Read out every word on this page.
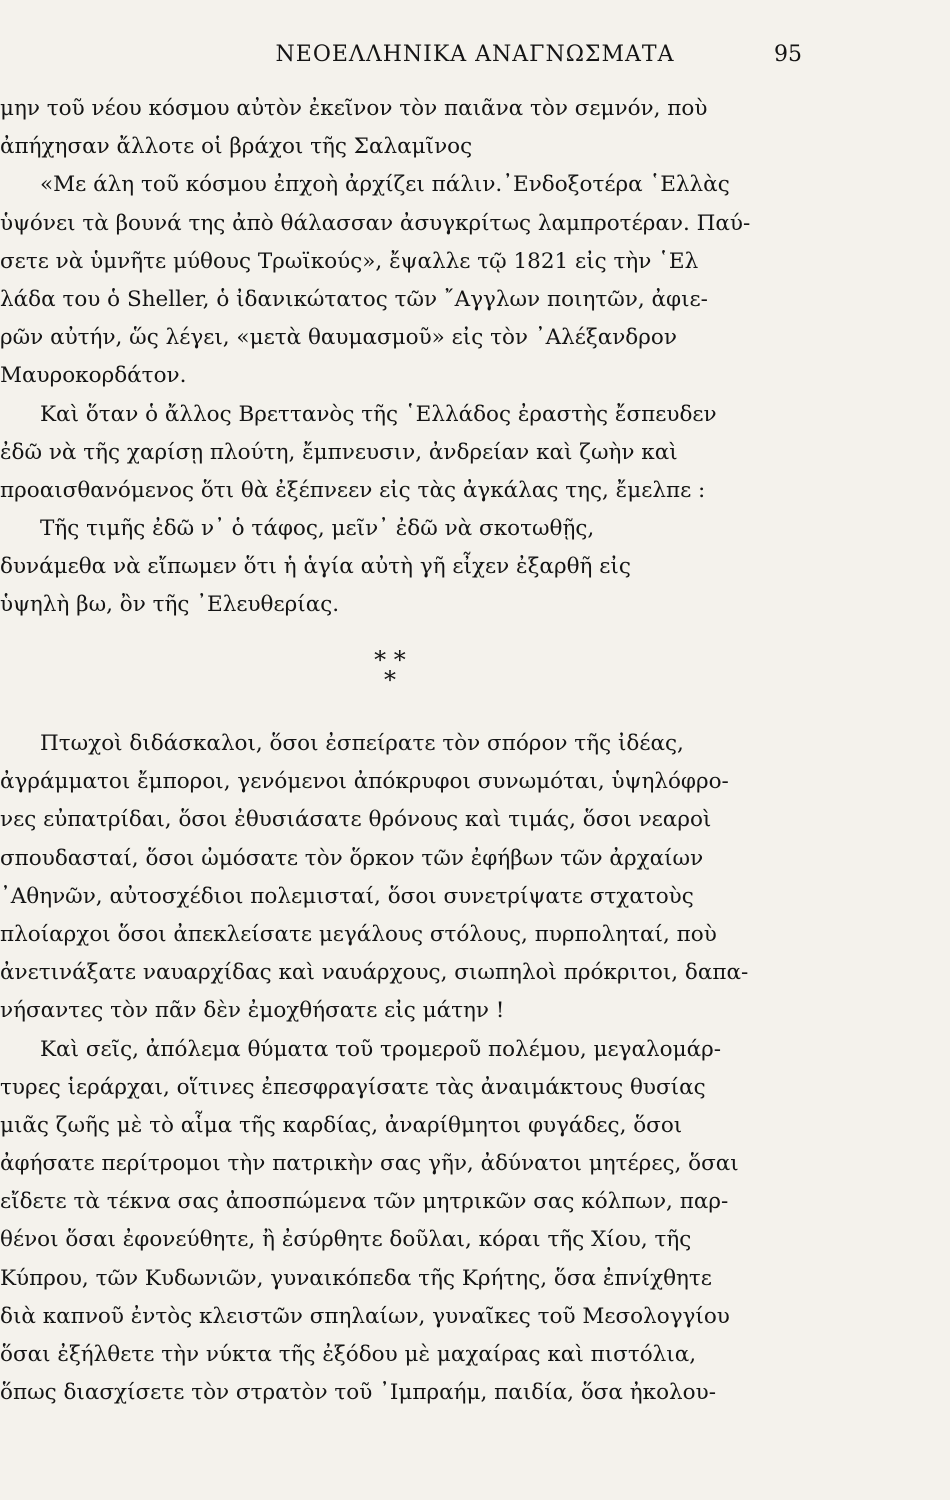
ΝΕΟΕΛΛΗΝΙΚΑ ΑΝΑΓΝΩΣΜΑΤΑ	95
μην τοῦ νέου κόσμου αὐτὸν ἐκεῖνον τὸν παιᾶνα τὸν σεμνόν, ποὺ
ἀπήχησαν ἄλλοτε οἱ βράχοι τῆς Σαλαμῖνος
«Με άλη τοῦ κόσμου ἐπχοὴ ἀρχίζει πάλιν.᾿Ενδοξοτέρα ῾Ελλὰς
ὑψόνει τὰ βουνά της ἀπὸ θάλασσαν ἀσυγκρίτως λαμπροτέραν. Παύ-
σετε νὰ ὑμνῆτε μύθους Τρωϊκούς», ἔψαλλε τῷ 1821 εἰς τὴν ῾Ελ
λάδα του ὁ Sheller, ὁ ἰδανικώτατος τῶν ῎Αγγλων ποιητῶν, ἀφιε-
ρῶν αὐτήν, ὥς λέγει, «μετὰ θαυμασμοῦ» εἰς τὸν ᾿Αλέξανδρον
Μαυροκορδάτον.
Καὶ ὅταν ὁ ἄλλος Βρεττανὸς τῆς ῾Ελλάδος ἐραστὴς ἔσπευδεν
ἐδῶ νὰ τῆς χαρίσῃ πλούτη, ἔμπνευσιν, ἀνδρείαν καὶ ζωὴν καὶ
προαισθανόμενος ὅτι θὰ ἐξέπνεεν εἰς τὰς ἀγκάλας της, ἔμελπε :
Τῆς τιμῆς ἐδῶ ν᾿ ὁ τάφος, μεῖν᾿ ἐδῶ νὰ σκοτωθῇς,
δυνάμεθα νὰ εἴπωμεν ὅτι ἡ ἁγία αὐτὴ γῆ εἶχεν ἐξαρθῆ εἰς
ὑψηλὴ βω, ὂν τῆς ᾿Ελευθερίας.
* *
*
Πτωχοὶ διδάσκαλοι, ὅσοι ἐσπείρατε τὸν σπόρον τῆς ἰδέας,
ἀγράμματοι ἔμποροι, γενόμενοι ἀπόκρυφοι συνωμόται, ὑψηλόφρο-
νες εὐπατρίδαι, ὅσοι ἐθυσιάσατε θρόνους καὶ τιμάς, ὅσοι νεαροὶ
σπουδασταί, ὅσοι ὠμόσατε τὸν ὅρκον τῶν ἐφήβων τῶν ἀρχαίων
᾿Αθηνῶν, αὐτοσχέδιοι πολεμισταί, ὅσοι συνετρίψατε στχατοὺς
πλοίαρχοι ὅσοι ἀπεκλείσατε μεγάλους στόλους, πυρποληταί, ποὺ
ἀνετινάξατε ναυαρχίδας καὶ ναυάρχους, σιωπηλοὶ πρόκριτοι, δαπα-
νήσαντες τὸν πᾶν δὲν ἐμοχθήσατε εἰς μάτην !
Καὶ σεῖς, ἀπόλεμα θύματα τοῦ τρομεροῦ πολέμου, μεγαλομάρ-
τυρες ἱεράρχαι, οἵτινες ἐπεσφραγίσατε τὰς ἀναιμάκτους θυσίας
μιᾶς ζωῆς μὲ τὸ αἷμα τῆς καρδίας, ἀναρίθμητοι φυγάδες, ὅσοι
ἀφήσατε περίτρομοι τὴν πατρικὴν σας γῆν, ἀδύνατοι μητέρες, ὅσαι
εἴδετε τὰ τέκνα σας ἀποσπώμενα τῶν μητρικῶν σας κόλπων, παρ-
θένοι ὅσαι ἐφονεύθητε, ἢ ἐσύρθητε δοῦλαι, κόραι τῆς Χίου, τῆς
Κύπρου, τῶν Κυδωνιῶν, γυναικόπεδα τῆς Κρήτης, ὅσα ἐπνίχθητε
διὰ καπνοῦ ἐντὸς κλειστῶν σπηλαίων, γυναῖκες τοῦ Μεσολογγίου
ὅσαι ἐξήλθετε τὴν νύκτα τῆς ἐξόδου μὲ μαχαίρας καὶ πιστόλια,
ὅπως διασχίσετε τὸν στρατὸν τοῦ ᾿Ιμπραήμ, παιδία, ὅσα ἠκολου-
